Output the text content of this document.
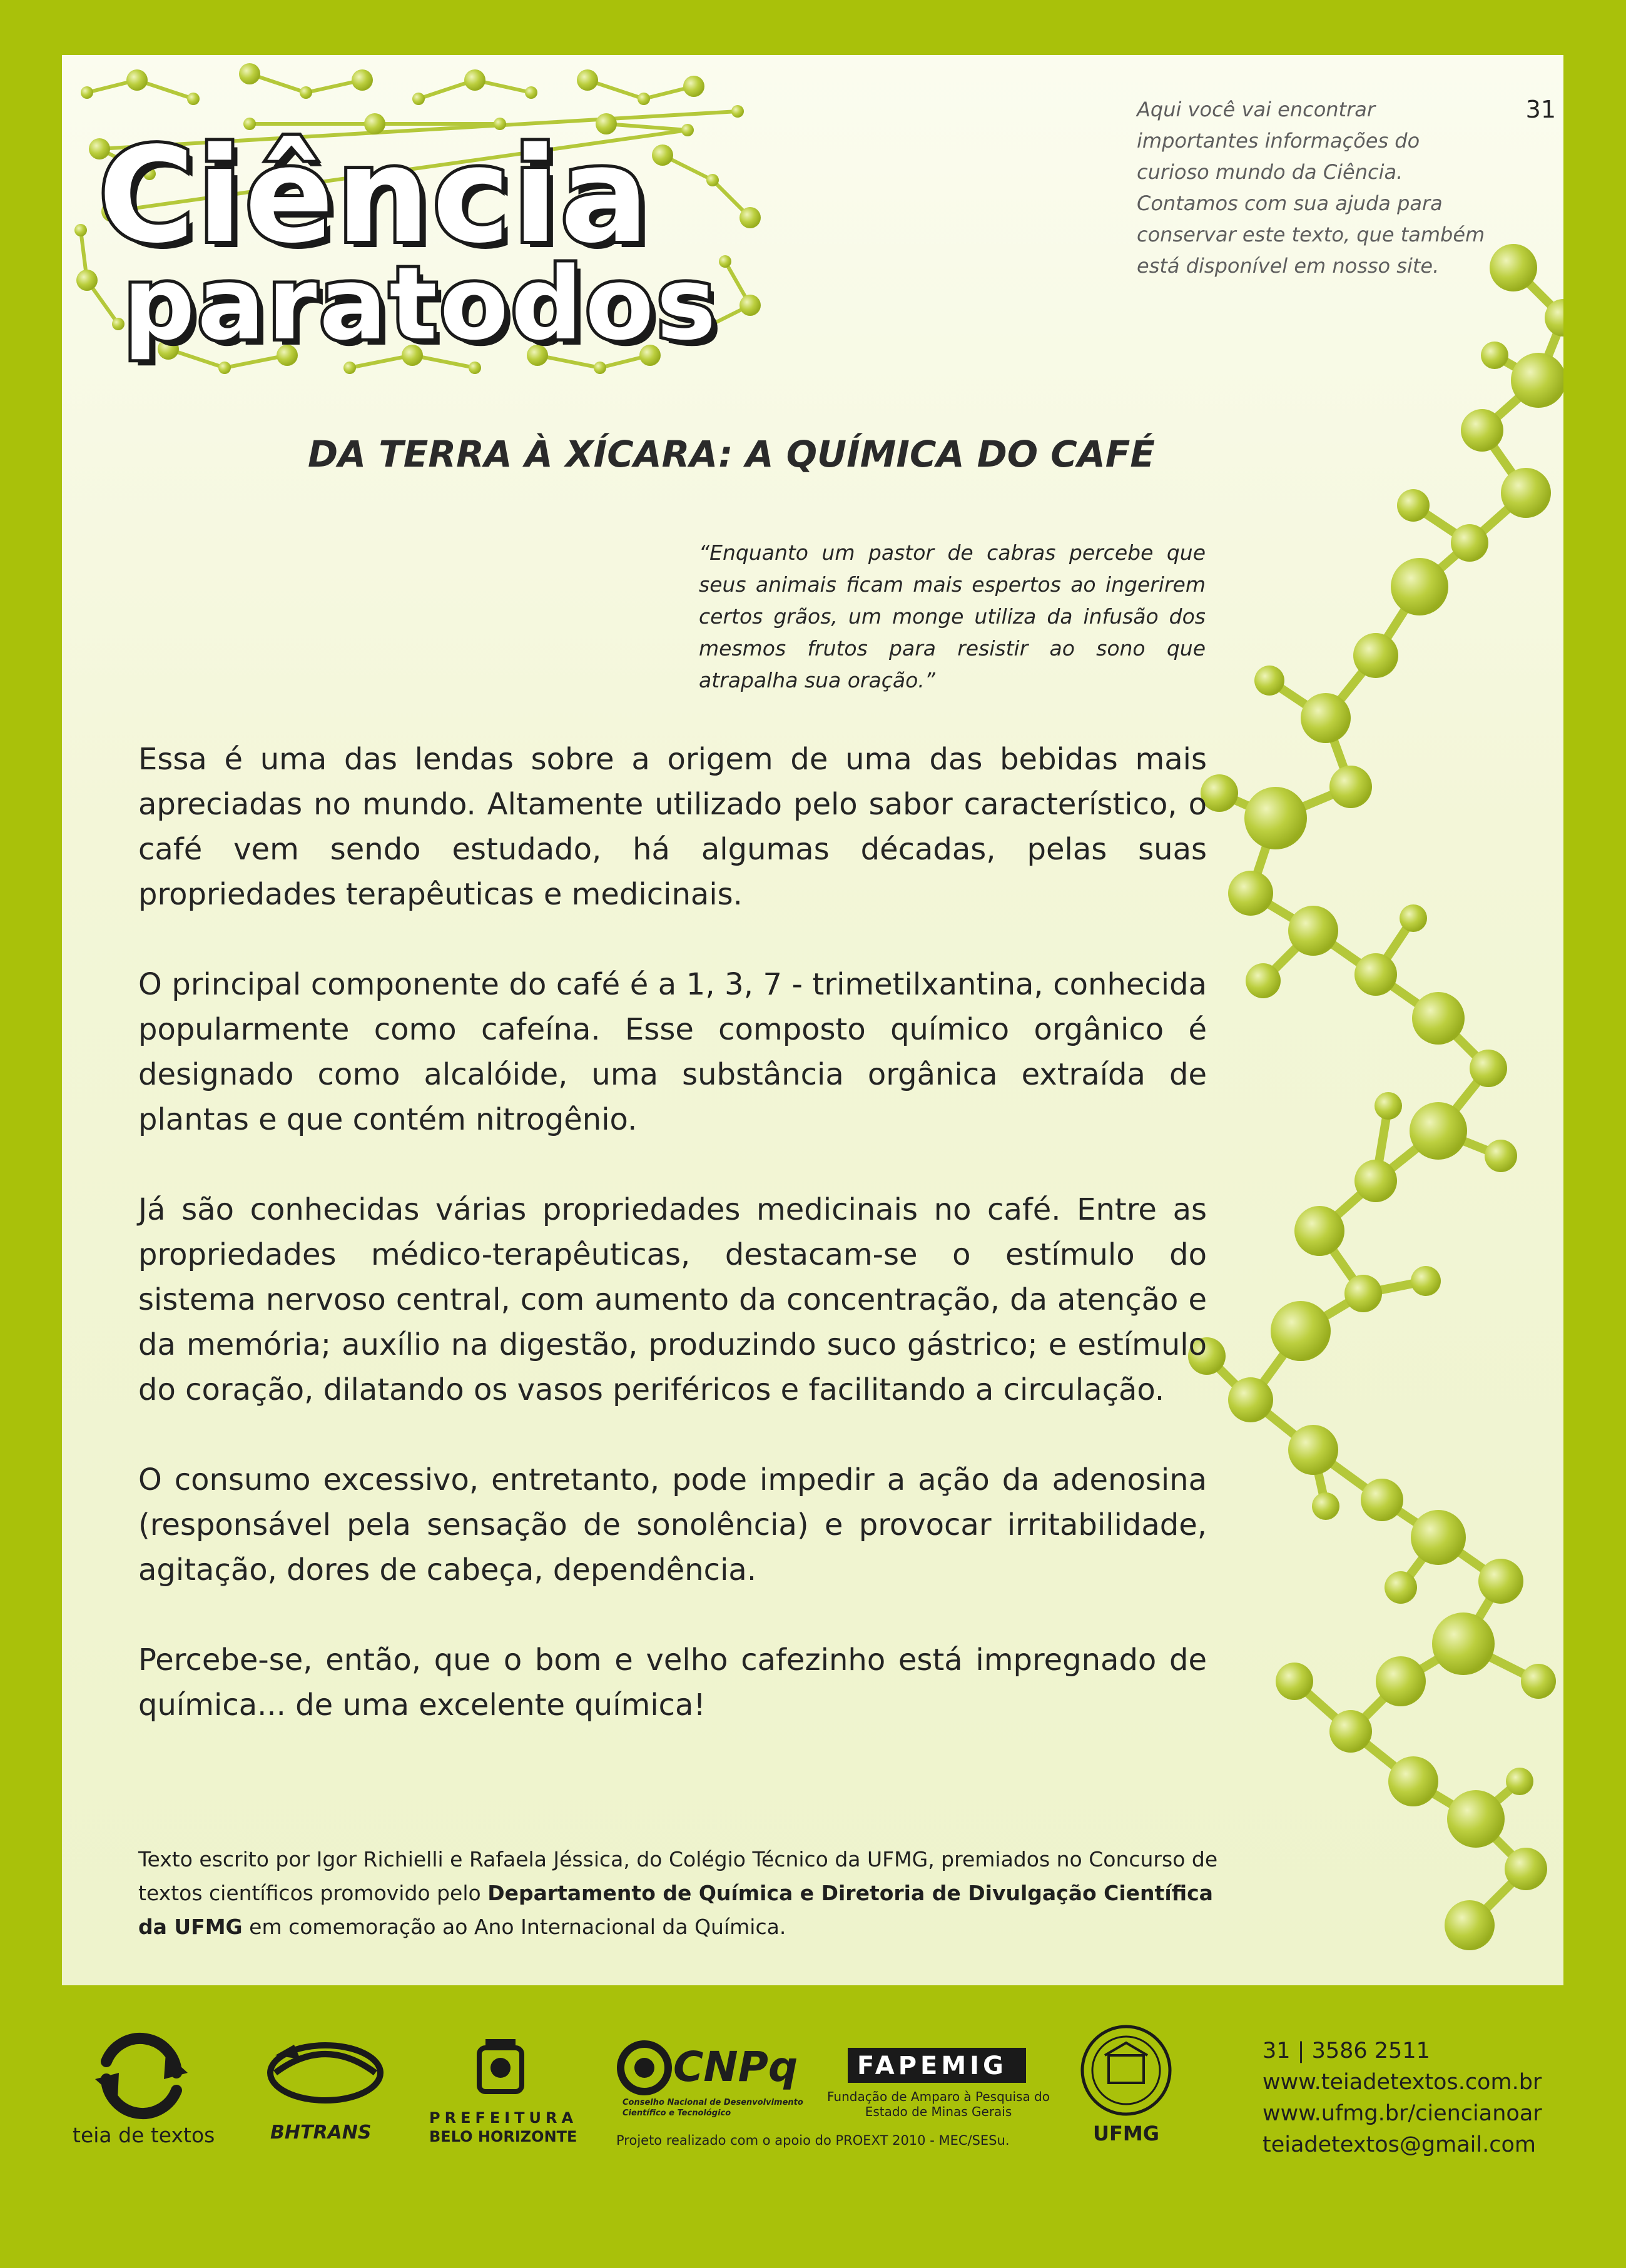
Ciência
paratodos
Aqui você vai encontrar
importantes informações do
curioso mundo da Ciência.
Contamos com sua ajuda para
conservar este texto, que também
está disponível em nosso site.
31
DA TERRA À XÍCARA: A QUÍMICA DO CAFÉ
“Enquanto um pastor de cabras percebe que seus animais ficam mais espertos ao ingerirem certos grãos, um monge utiliza da infusão dos mesmos frutos para resistir ao sono que atrapalha sua oração.”

Essa é uma das lendas sobre a origem de uma das bebidas mais apreciadas no mundo. Altamente utilizado pelo sabor característico, o café vem sendo estudado, há algumas décadas, pelas suas propriedades terapêuticas e medicinais.

O principal componente do café é a 1, 3, 7 - trimetilxantina, conhecida popularmente como cafeína. Esse composto químico orgânico é designado como alcalóide, uma substância orgânica extraída de plantas e que contém nitrogênio.

Já são conhecidas várias propriedades medicinais no café. Entre as propriedades médico-terapêuticas, destacam-se o estímulo do sistema nervoso central, com aumento da concentração, da atenção e da memória; auxílio na digestão, produzindo suco gástrico; e estímulo do coração, dilatando os vasos periféricos e facilitando a circulação.

O consumo excessivo, entretanto, pode impedir a ação da adenosina (responsável pela sensação de sonolência) e provocar irritabilidade, agitação, dores de cabeça, dependência.

Percebe-se, então, que o bom e velho cafezinho está impregnado de química... de uma excelente química!

Texto escrito por Igor Richielli e Rafaela Jéssica, do Colégio Técnico da UFMG, premiados no Concurso de textos científicos promovido pelo Departamento de Química e Diretoria de Divulgação Científica da UFMG em comemoração ao Ano Internacional da Química.
teia de textos	BHTRANS
PREFEITURA
BELO HORIZONTE
CNPq
Conselho Nacional de Desenvolvimento
Científico e Tecnológico
FAPEMIG
Fundação de Amparo à Pesquisa do
Estado de Minas Gerais
Projeto realizado com o apoio do PROEXT 2010 - MEC/SESu.	UFMG
31 | 3586 2511
www.teiadetextos.com.br
www.ufmg.br/ciencianoar
teiadetextos@gmail.com
